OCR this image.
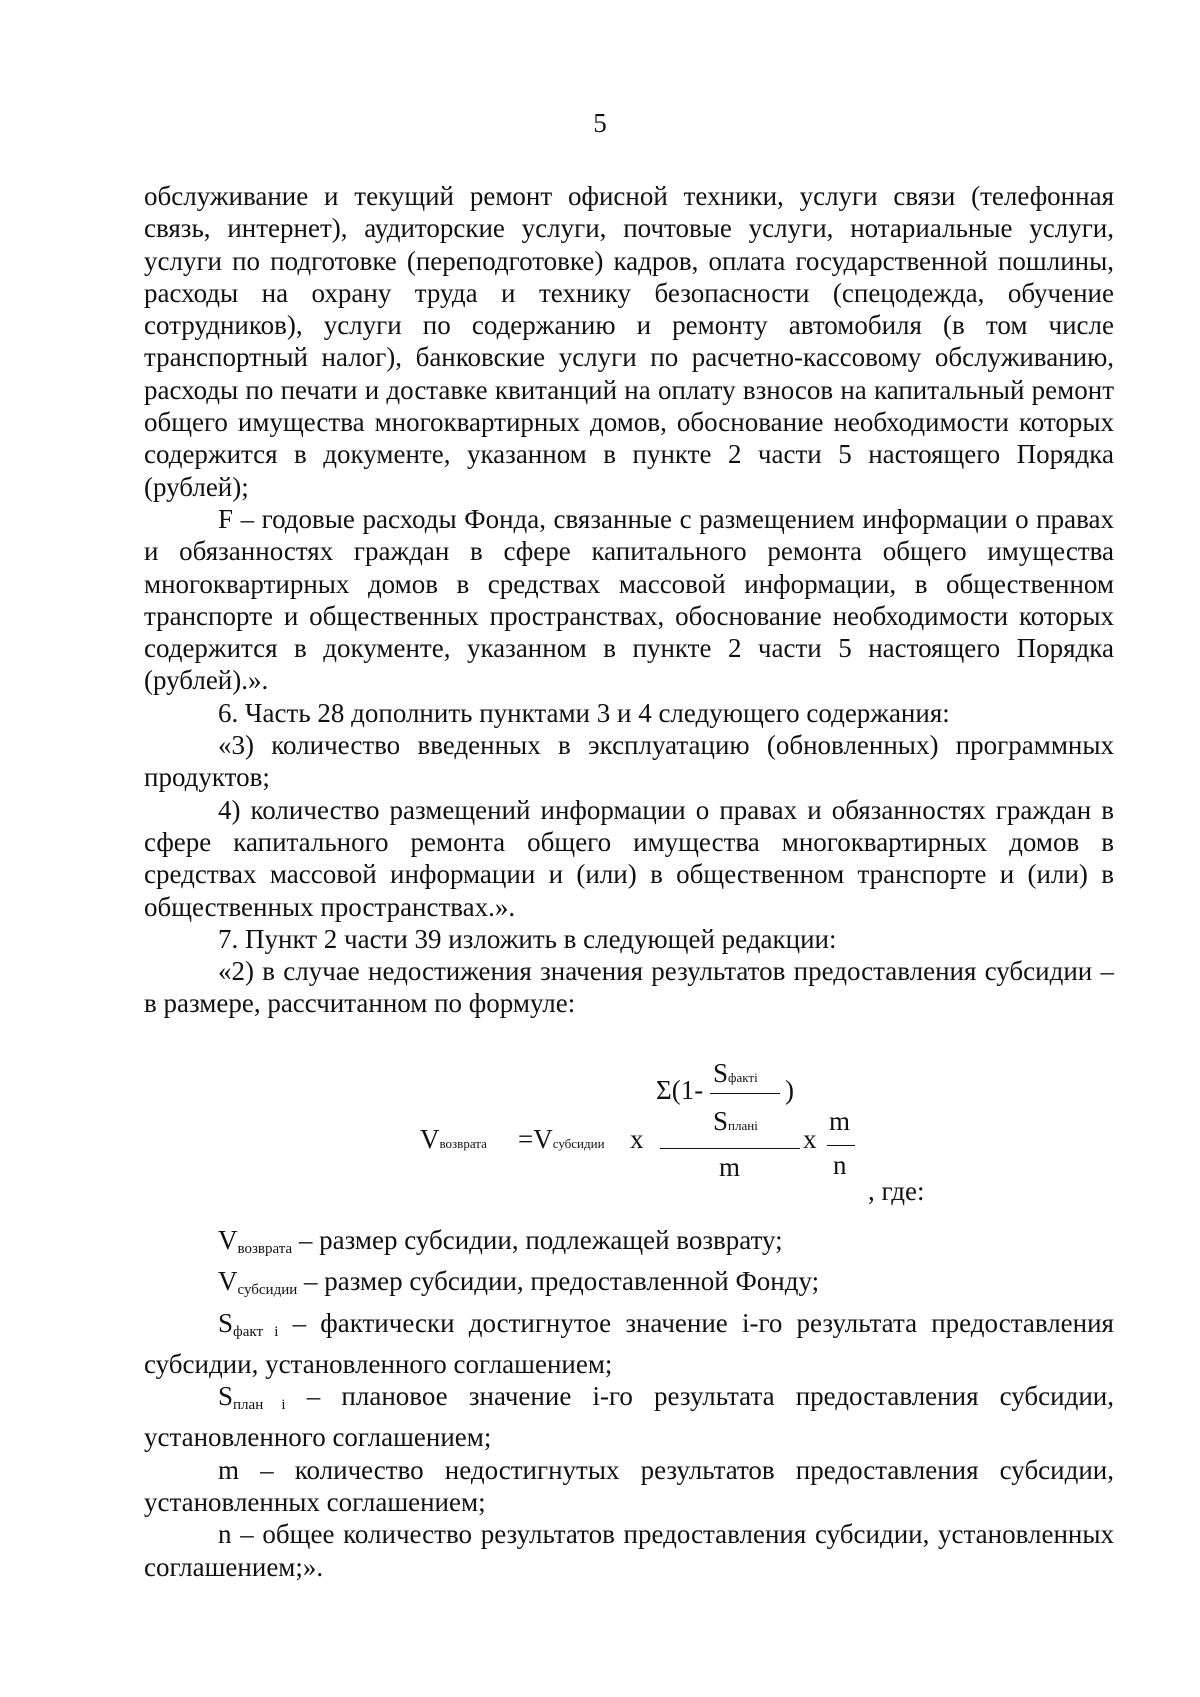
5

обслуживание и текущий ремонт офисной техники, услуги связи (телефонная связь, интернет), аудиторские услуги, почтовые услуги, нотариальные услуги, услуги по подготовке (переподготовке) кадров, оплата государственной пошлины, расходы на охрану труда и технику безопасности (спецодежда, обучение сотрудников), услуги по содержанию и ремонту автомобиля (в том числе транспортный налог), банковские услуги по расчетно-кассовому обслуживанию, расходы по печати и доставке квитанций на оплату взносов на капитальный ремонт общего имущества многоквартирных домов, обоснование необходимости которых содержится в документе, указанном в пункте 2 части 5 настоящего Порядка (рублей);

F – годовые расходы Фонда, связанные с размещением информации о правах и обязанностях граждан в сфере капитального ремонта общего имущества многоквартирных домов в средствах массовой информации, в общественном транспорте и общественных пространствах, обоснование необходимости которых содержится в документе, указанном в пункте 2 части 5 настоящего Порядка (рублей).».

6. Часть 28 дополнить пунктами 3 и 4 следующего содержания:

«3) количество введенных в эксплуатацию (обновленных) программных продуктов;

4) количество размещений информации о правах и обязанностях граждан в сфере капитального ремонта общего имущества многоквартирных домов в средствах массовой информации и (или) в общественном транспорте и (или) в общественных пространствах.».

7. Пункт 2 части 39 изложить в следующей редакции:

«2) в случае недостижения значения результатов предоставления субсидии – в размере, рассчитанном по формуле:

Vвозврата =Vсубсидии x
Σ(1-
Sфактi
Sпланi
)
m
x
m
n
, где:

$V_{возврата}$ – размер субсидии, подлежащей возврату;

$V_{субсидии}$ – размер субсидии, предоставленной Фонду;

$S_{факт i}$ – фактически достигнутое значение i-го результата предоставления субсидии, установленного соглашением;

$S_{план i}$ – плановое значение i-го результата предоставления субсидии, установленного соглашением;

m – количество недостигнутых результатов предоставления субсидии, установленных соглашением;

n – общее количество результатов предоставления субсидии, установленных соглашением;».
